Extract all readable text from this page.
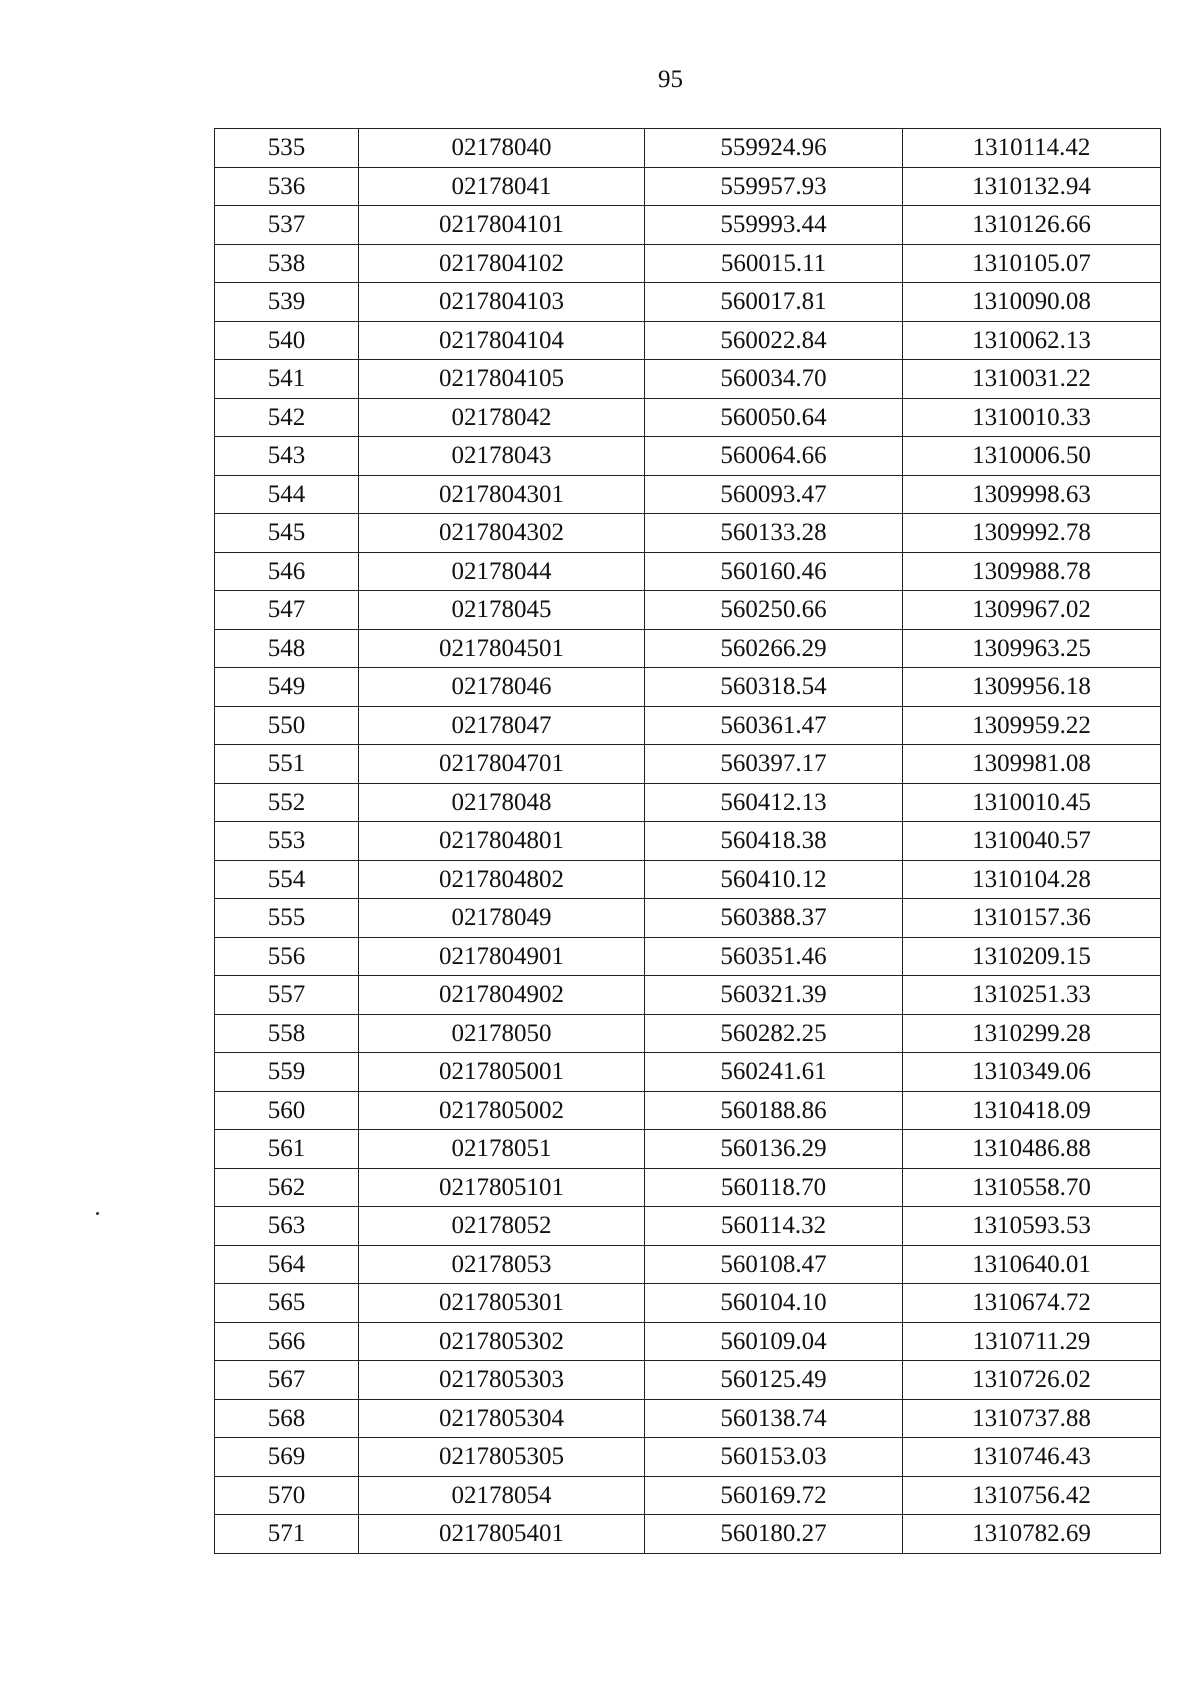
95
535	02178040	559924.96	1310114.42
536	02178041	559957.93	1310132.94
537	0217804101	559993.44	1310126.66
538	0217804102	560015.11	1310105.07
539	0217804103	560017.81	1310090.08
540	0217804104	560022.84	1310062.13
541	0217804105	560034.70	1310031.22
542	02178042	560050.64	1310010.33
543	02178043	560064.66	1310006.50
544	0217804301	560093.47	1309998.63
545	0217804302	560133.28	1309992.78
546	02178044	560160.46	1309988.78
547	02178045	560250.66	1309967.02
548	0217804501	560266.29	1309963.25
549	02178046	560318.54	1309956.18
550	02178047	560361.47	1309959.22
551	0217804701	560397.17	1309981.08
552	02178048	560412.13	1310010.45
553	0217804801	560418.38	1310040.57
554	0217804802	560410.12	1310104.28
555	02178049	560388.37	1310157.36
556	0217804901	560351.46	1310209.15
557	0217804902	560321.39	1310251.33
558	02178050	560282.25	1310299.28
559	0217805001	560241.61	1310349.06
560	0217805002	560188.86	1310418.09
561	02178051	560136.29	1310486.88
562	0217805101	560118.70	1310558.70
563	02178052	560114.32	1310593.53
564	02178053	560108.47	1310640.01
565	0217805301	560104.10	1310674.72
566	0217805302	560109.04	1310711.29
567	0217805303	560125.49	1310726.02
568	0217805304	560138.74	1310737.88
569	0217805305	560153.03	1310746.43
570	02178054	560169.72	1310756.42
571	0217805401	560180.27	1310782.69
